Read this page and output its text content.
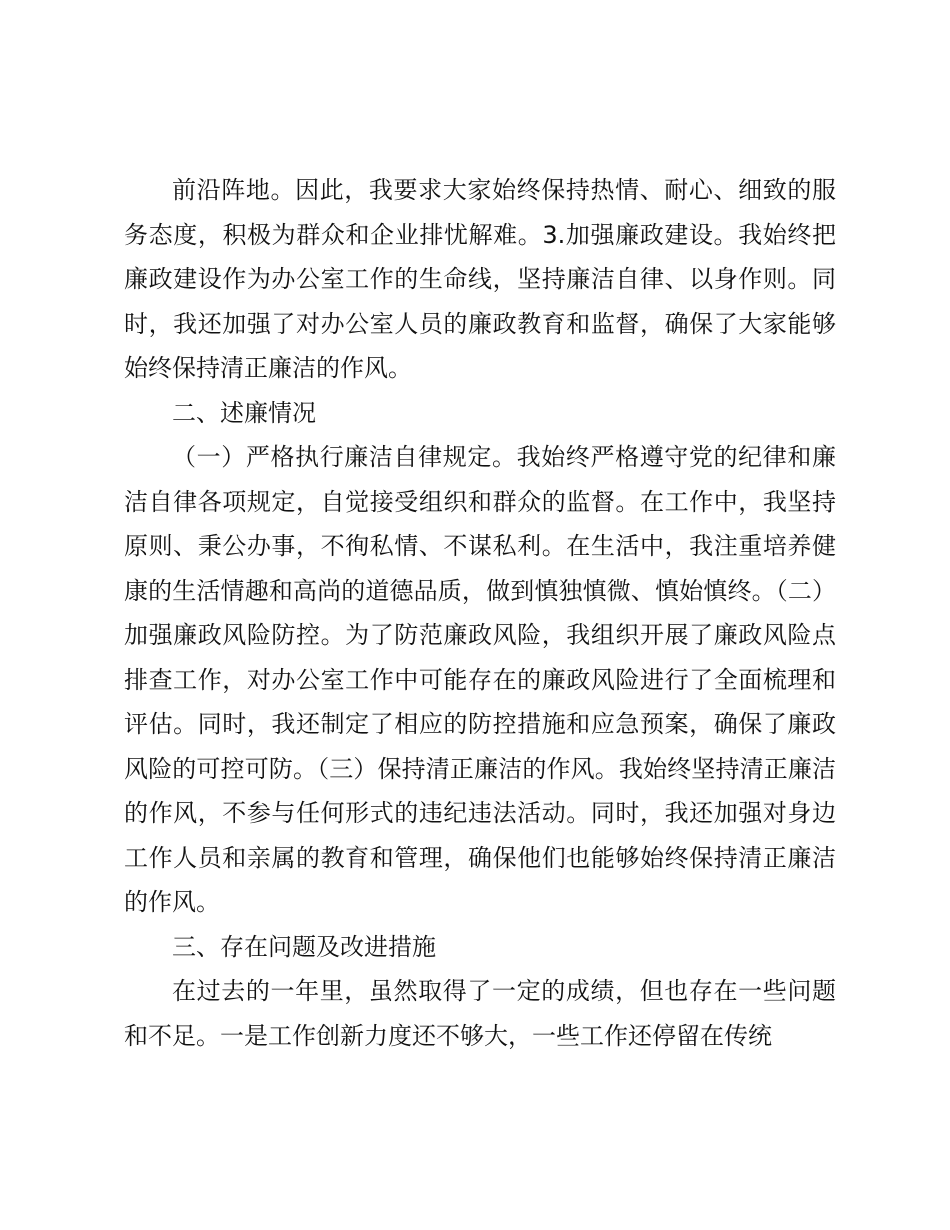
前沿阵地。因此，我要求大家始终保持热情、耐心、细致的服务态度，积极为群众和企业排忧解难。3.加强廉政建设。我始终把廉政建设作为办公室工作的生命线，坚持廉洁自律、以身作则。同时，我还加强了对办公室人员的廉政教育和监督，确保了大家能够始终保持清正廉洁的作风。

二、述廉情况

（一）严格执行廉洁自律规定。我始终严格遵守党的纪律和廉洁自律各项规定，自觉接受组织和群众的监督。在工作中，我坚持原则、秉公办事，不徇私情、不谋私利。在生活中，我注重培养健康的生活情趣和高尚的道德品质，做到慎独慎微、慎始慎终。（二）加强廉政风险防控。为了防范廉政风险，我组织开展了廉政风险点排查工作，对办公室工作中可能存在的廉政风险进行了全面梳理和评估。同时，我还制定了相应的防控措施和应急预案，确保了廉政风险的可控可防。（三）保持清正廉洁的作风。我始终坚持清正廉洁的作风，不参与任何形式的违纪违法活动。同时，我还加强对身边工作人员和亲属的教育和管理，确保他们也能够始终保持清正廉洁的作风。

三、存在问题及改进措施

在过去的一年里，虽然取得了一定的成绩，但也存在一些问题和不足。一是工作创新力度还不够大，一些工作还停留在传统
